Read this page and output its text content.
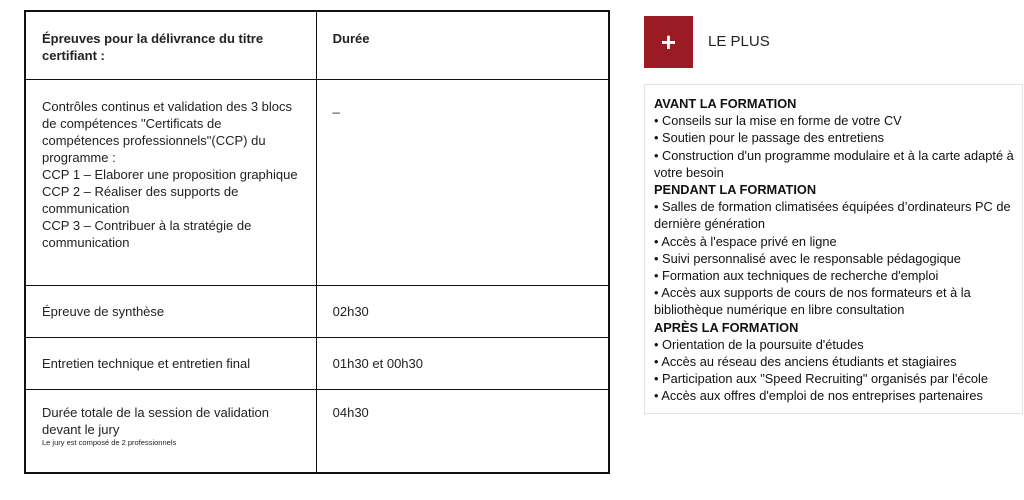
Épreuves pour la délivrance du titre certifiant :	Durée

Contrôles continus et validation des 3 blocs de compétences "Certificats de compétences professionnels"(CCP) du programme :
CCP 1 – Elaborer une proposition graphique
CCP 2 – Réaliser des supports de communication
CCP 3 – Contribuer à la stratégie de communication	_
Épreuve de synthèse	02h30
Entretien technique et entretien final	01h30 et 00h30
Durée totale de la session de validation devant le jury
Le jury est composé de 2 professionnels	04h30
+	LE PLUS
AVANT LA FORMATION
• Conseils sur la mise en forme de votre CV
• Soutien pour le passage des entretiens
• Construction d'un programme modulaire et à la carte adapté à votre besoin
PENDANT LA FORMATION
• Salles de formation climatisées équipées d’ordinateurs PC de dernière génération
• Accès à l'espace privé en ligne
• Suivi personnalisé avec le responsable pédagogique
• Formation aux techniques de recherche d'emploi
• Accès aux supports de cours de nos formateurs et à la bibliothèque numérique en libre consultation
APRÈS LA FORMATION
• Orientation de la poursuite d'études
• Accès au réseau des anciens étudiants et stagiaires
• Participation aux "Speed Recruiting" organisés par l'école
• Accès aux offres d'emploi de nos entreprises partenaires
